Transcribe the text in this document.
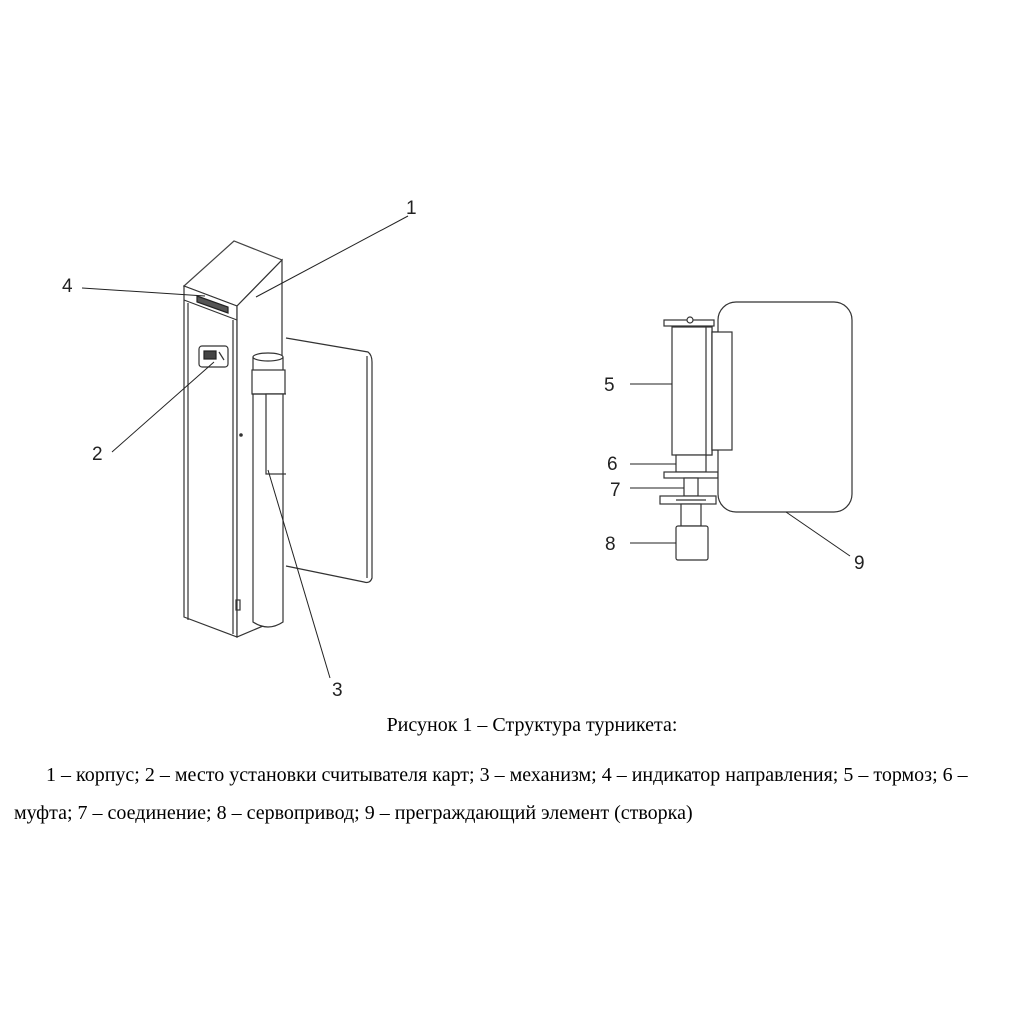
1
4
2
3
5
6
7
8
9
Рисунок 1 – Структура турникета:

1 – корпус; 2 – место установки считывателя карт; 3 – механизм; 4 – индикатор направления; 5 – тормоз; 6 – муфта; 7 – соединение; 8 – сервопривод; 9 – преграждающий элемент (створка)
